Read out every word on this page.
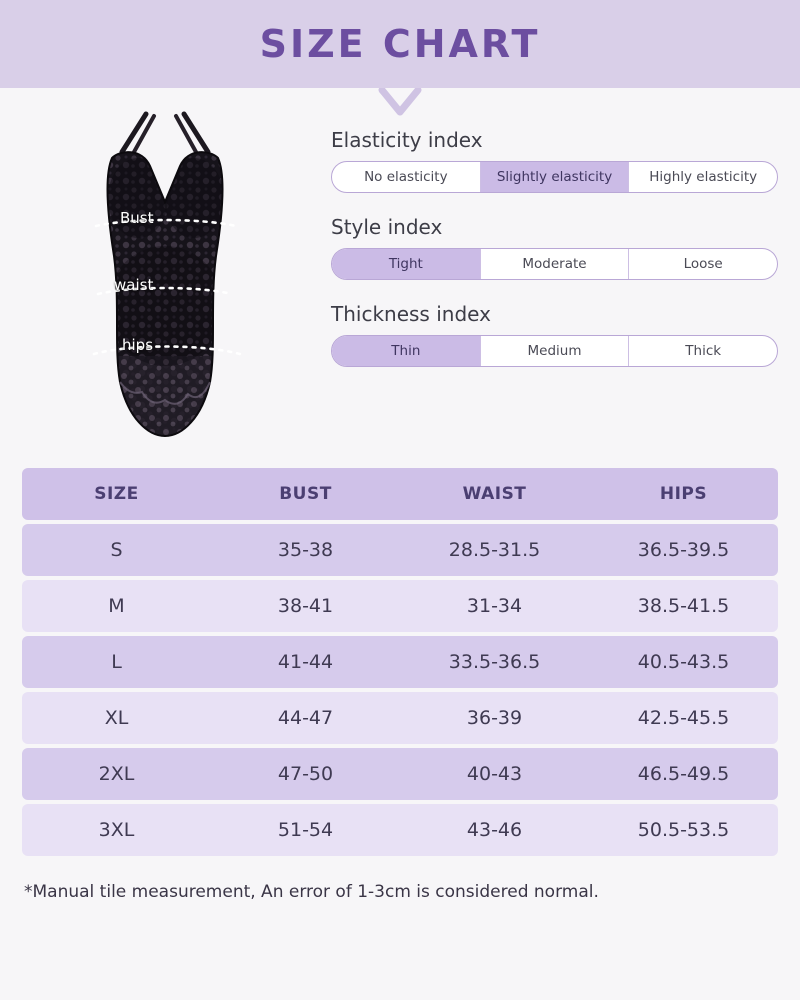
SIZE CHART
Bust
waist
hips
Elasticity index
No elasticity	Slightly elasticity	Highly elasticity
Style index
Tight	Moderate	Loose
Thickness index
Thin	Medium	Thick
SIZE	BUST	WAIST	HIPS
S	35-38	28.5-31.5	36.5-39.5
M	38-41	31-34	38.5-41.5
L	41-44	33.5-36.5	40.5-43.5
XL	44-47	36-39	42.5-45.5
2XL	47-50	40-43	46.5-49.5
3XL	51-54	43-46	50.5-53.5
*Manual tile measurement, An error of 1-3cm is considered normal.
